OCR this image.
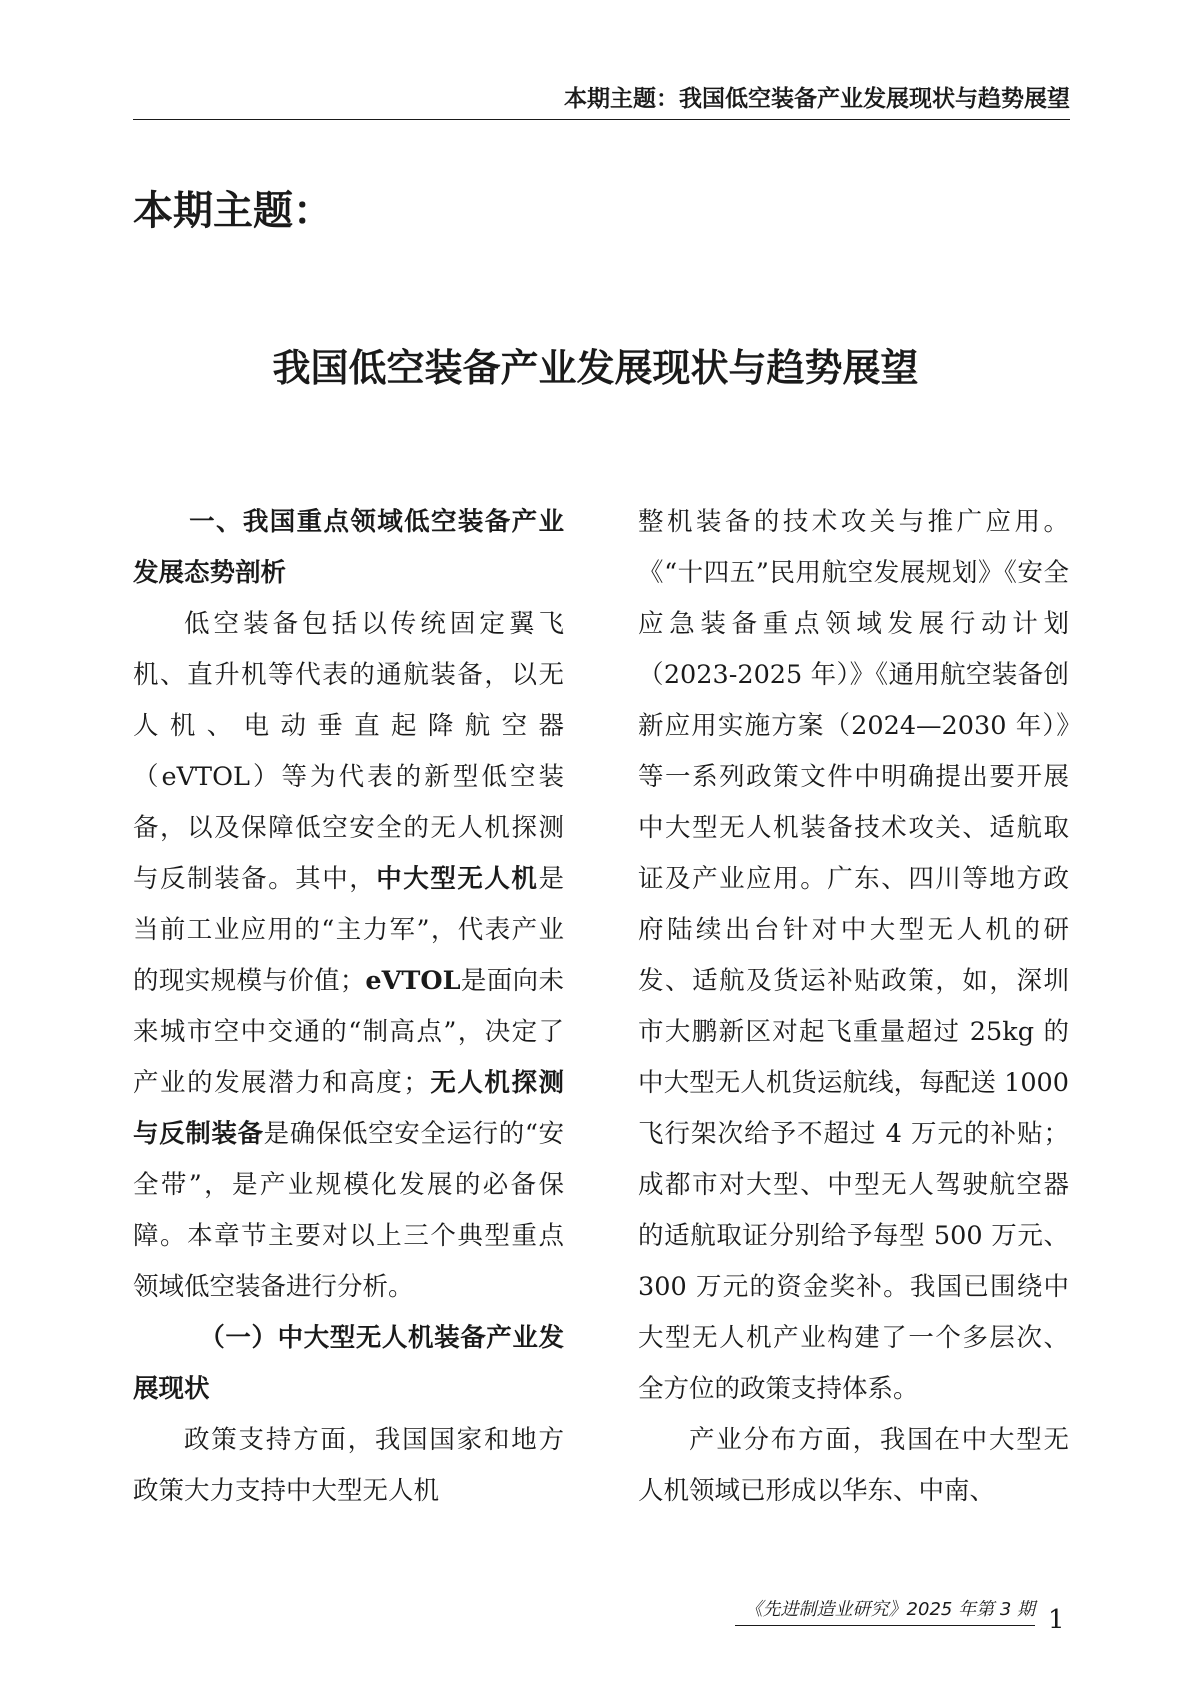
本期主题：我国低空装备产业发展现状与趋势展望
本期主题：
我国低空装备产业发展现状与趋势展望
一、我国重点领域低空装备产业发展态势剖析

低空装备包括以传统固定翼飞机、直升机等代表的通航装备，以无人机、电动垂直起降航空器（eVTOL）等为代表的新型低空装备，以及保障低空安全的无人机探测与反制装备。其中，中大型无人机是当前工业应用的“主力军”，代表产业的现实规模与价值；eVTOL是面向未来城市空中交通的“制高点”，决定了产业的发展潜力和高度；无人机探测与反制装备是确保低空安全运行的“安全带”，是产业规模化发展的必备保障。本章节主要对以上三个典型重点领域低空装备进行分析。

（一）中大型无人机装备产业发展现状

政策支持方面，我国国家和地方政策大力支持中大型无人机

整机装备的技术攻关与推广应用。《“十四五”民用航空发展规划》《安全应急装备重点领域发展行动计划（2023-2025 年）》《通用航空装备创新应用实施方案（2024—2030 年）》等一系列政策文件中明确提出要开展中大型无人机装备技术攻关、适航取证及产业应用。广东、四川等地方政府陆续出台针对中大型无人机的研发、适航及货运补贴政策，如，深圳市大鹏新区对起飞重量超过 25kg 的中大型无人机货运航线，每配送 1000 飞行架次给予不超过 4 万元的补贴；成都市对大型、中型无人驾驶航空器的适航取证分别给予每型 500 万元、300 万元的资金奖补。我国已围绕中大型无人机产业构建了一个多层次、全方位的政策支持体系。

产业分布方面，我国在中大型无人机领域已形成以华东、中南、

《先进制造业研究》2025 年第 3 期 1
